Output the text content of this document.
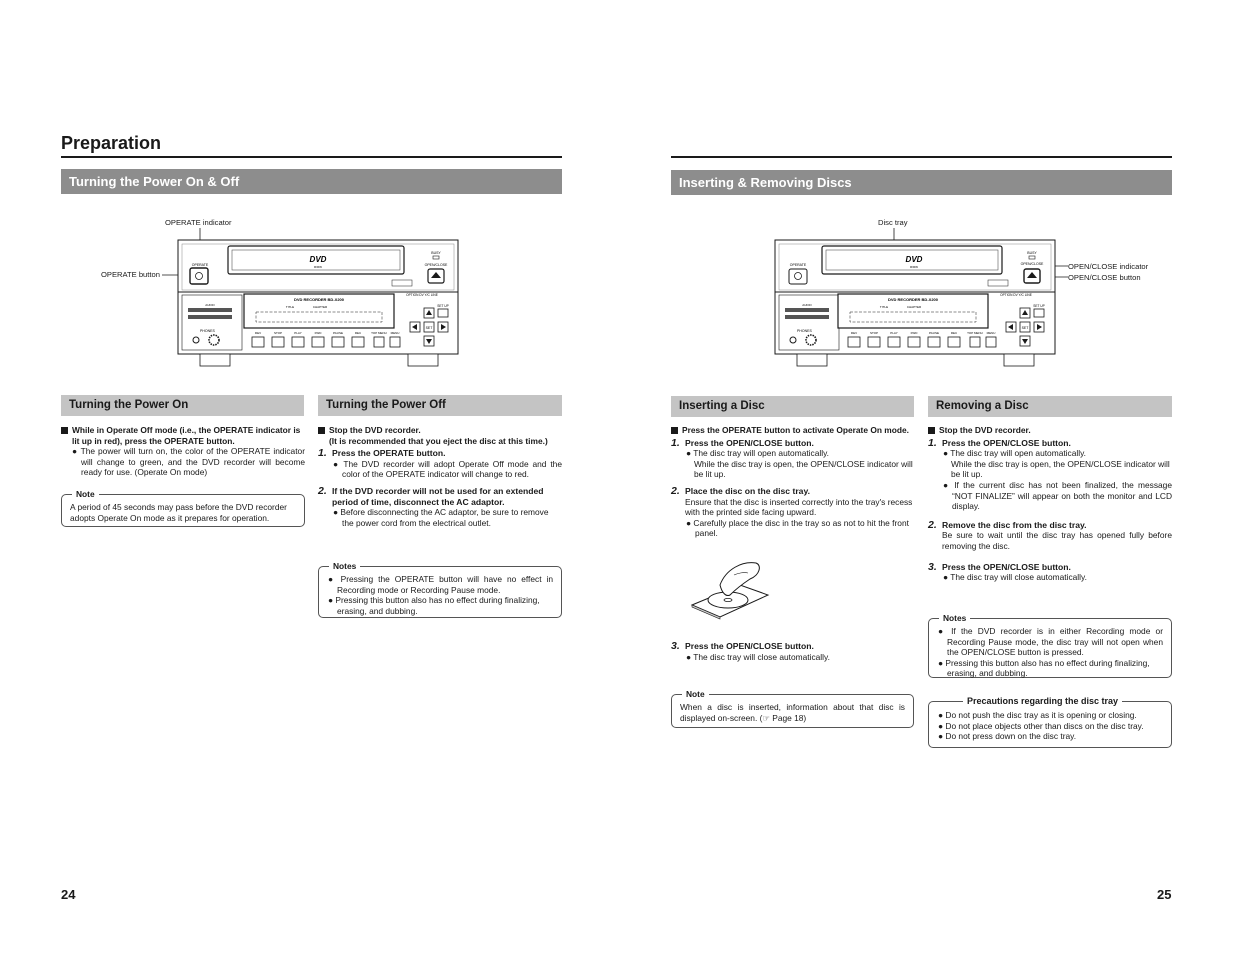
Preparation
Turning the Power On & Off
OPERATE indicator
OPERATE button
DVD
R/RW
OPERATE
BUSY
OPEN/CLOSE
AUDIO
PHONES
DVD RECORDER BD-X200
TITLE	CHAPTER
OPTION DV Y/C LINE
SET UP
SET
REV	STOP	PLAY	FWD	PAUSE	REC	TOP MENU MENU
Turning the Power On
While in Operate Off mode (i.e., the OPERATE indicator is lit up in red), press the OPERATE button.
● The power will turn on, the color of the OPERATE indicator will change to green, and the DVD recorder will become ready for use. (Operate On mode)
Note
A period of 45 seconds may pass before the DVD recorder adopts Operate On mode as it prepares for operation.
Turning the Power Off
Stop the DVD recorder.
(It is recommended that you eject the disc at this time.)
1. Press the OPERATE button.
● The DVD recorder will adopt Operate Off mode and the color of the OPERATE indicator will change to red.
2. If the DVD recorder will not be used for an extended period of time, disconnect the AC adaptor.
● Before disconnecting the AC adaptor, be sure to remove the power cord from the electrical outlet.
Notes
● Pressing the OPERATE button will have no effect in Recording mode or Recording Pause mode.
● Pressing this button also has no effect during finalizing, erasing, and dubbing.
24
Inserting & Removing Discs
Disc tray
OPEN/CLOSE indicator
OPEN/CLOSE button
DVD
R/RW
OPERATE
BUSY
OPEN/CLOSE
AUDIO
PHONES
DVD RECORDER BD-X200
TITLE	CHAPTER
OPTION DV Y/C LINE
SET UP
SET
REV	STOP	PLAY	FWD	PAUSE	REC	TOP MENU MENU
Inserting a Disc
Press the OPERATE button to activate Operate On mode.
1. Press the OPEN/CLOSE button.
● The disc tray will open automatically.
While the disc tray is open, the OPEN/CLOSE indicator will be lit up.
2. Place the disc on the disc tray.
Ensure that the disc is inserted correctly into the tray's recess with the printed side facing upward.
● Carefully place the disc in the tray so as not to hit the front panel.
3. Press the OPEN/CLOSE button.
● The disc tray will close automatically.
Note
When a disc is inserted, information about that disc is displayed on-screen. (☞ Page 18)
Removing a Disc
Stop the DVD recorder.
1. Press the OPEN/CLOSE button.
● The disc tray will open automatically.
While the disc tray is open, the OPEN/CLOSE indicator will be lit up.
● If the current disc has not been finalized, the message “NOT FINALIZE” will appear on both the monitor and LCD display.
2. Remove the disc from the disc tray.
Be sure to wait until the disc tray has opened fully before removing the disc.
3. Press the OPEN/CLOSE button.
● The disc tray will close automatically.
Notes
● If the DVD recorder is in either Recording mode or Recording Pause mode, the disc tray will not open when the OPEN/CLOSE button is pressed.
● Pressing this button also has no effect during finalizing, erasing, and dubbing.
Precautions regarding the disc tray
● Do not push the disc tray as it is opening or closing.
● Do not place objects other than discs on the disc tray.
● Do not press down on the disc tray.
25
